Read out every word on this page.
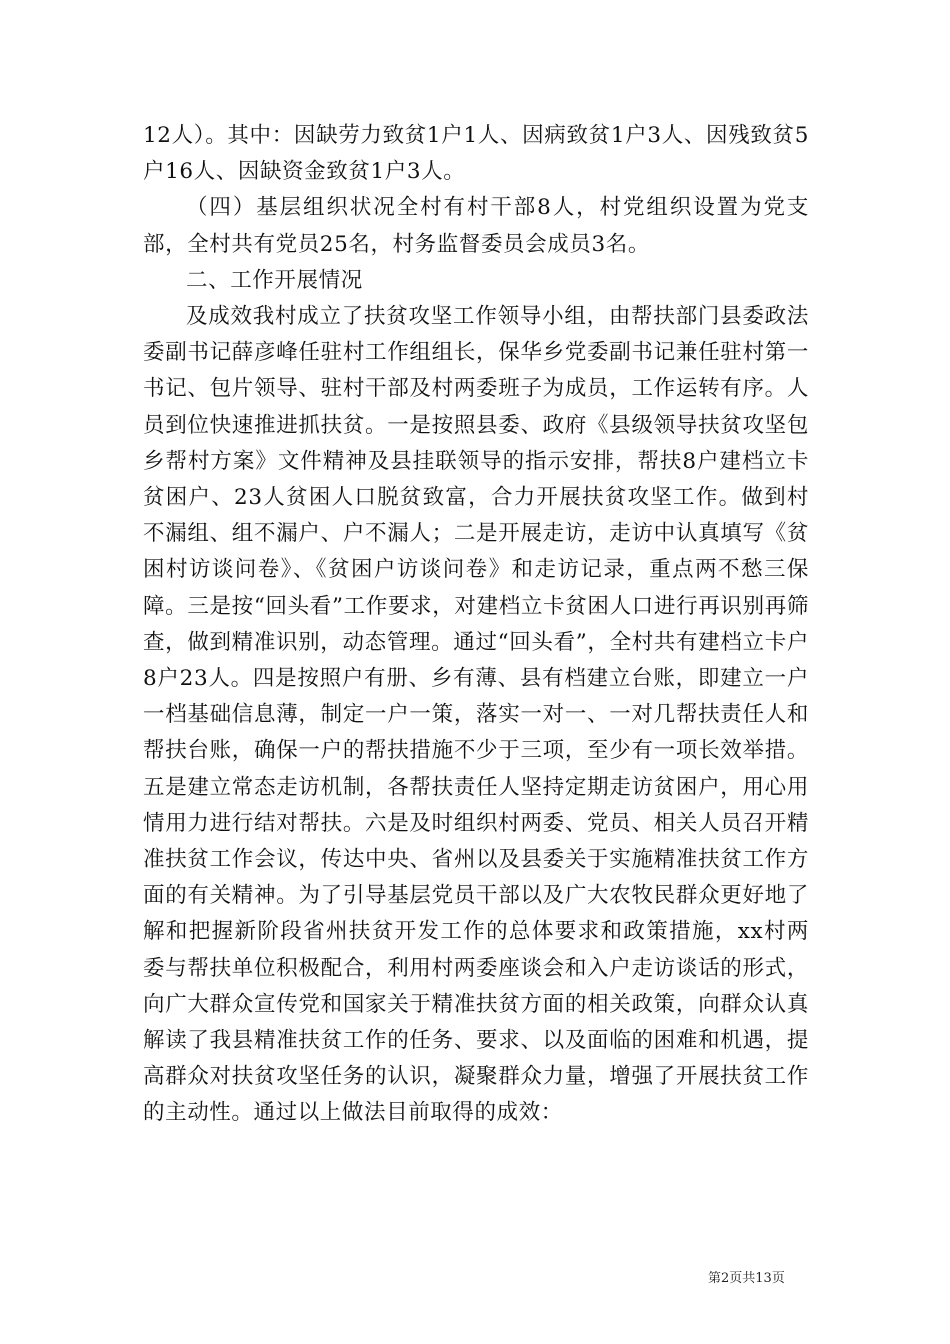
12人）。其中：因缺劳力致贫1户1人、因病致贫1户3人、因残致贫5户16人、因缺资金致贫1户3人。

（四）基层组织状况全村有村干部8人，村党组织设置为党支部，全村共有党员25名，村务监督委员会成员3名。

二、工作开展情况

及成效我村成立了扶贫攻坚工作领导小组，由帮扶部门县委政法委副书记薛彦峰任驻村工作组组长，保华乡党委副书记兼任驻村第一书记、包片领导、驻村干部及村两委班子为成员，工作运转有序。人员到位快速推进抓扶贫。一是按照县委、政府《县级领导扶贫攻坚包乡帮村方案》文件精神及县挂联领导的指示安排，帮扶8户建档立卡贫困户、23人贫困人口脱贫致富，合力开展扶贫攻坚工作。做到村不漏组、组不漏户、户不漏人；二是开展走访，走访中认真填写《贫困村访谈问卷》、《贫困户访谈问卷》和走访记录，重点两不愁三保障。三是按“回头看”工作要求，对建档立卡贫困人口进行再识别再筛查，做到精准识别，动态管理。通过“回头看”，全村共有建档立卡户8户23人。四是按照户有册、乡有薄、县有档建立台账，即建立一户一档基础信息薄，制定一户一策，落实一对一、一对几帮扶责任人和帮扶台账，确保一户的帮扶措施不少于三项，至少有一项长效举措。五是建立常态走访机制，各帮扶责任人坚持定期走访贫困户，用心用情用力进行结对帮扶。六是及时组织村两委、党员、相关人员召开精准扶贫工作会议，传达中央、省州以及县委关于实施精准扶贫工作方面的有关精神。为了引导基层党员干部以及广大农牧民群众更好地了解和把握新阶段省州扶贫开发工作的总体要求和政策措施，xx村两委与帮扶单位积极配合，利用村两委座谈会和入户走访谈话的形式，向广大群众宣传党和国家关于精准扶贫方面的相关政策，向群众认真解读了我县精准扶贫工作的任务、要求、以及面临的困难和机遇，提高群众对扶贫攻坚任务的认识，凝聚群众力量，增强了开展扶贫工作的主动性。通过以上做法目前取得的成效：

第2页共13页
